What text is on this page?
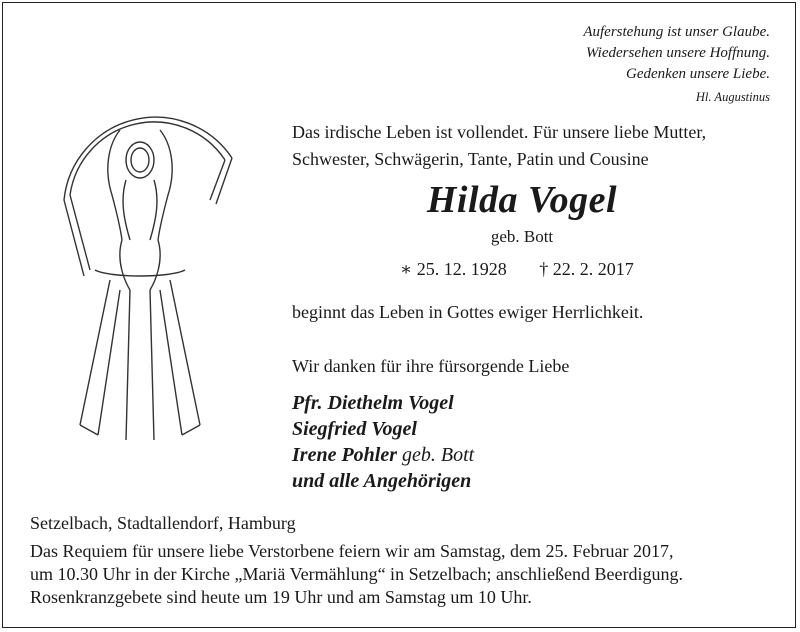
Auferstehung ist unser Glaube.
Wiedersehen unsere Hoffnung.
Gedenken unsere Liebe.
Hl. Augustinus
Das irdische Leben ist vollendet. Für unsere liebe Mutter,
Schwester, Schwägerin, Tante, Patin und Cousine
Hilda Vogel
geb. Bott
∗ 25. 12. 1928 † 22. 2. 2017
beginnt das Leben in Gottes ewiger Herrlichkeit.
Wir danken für ihre fürsorgende Liebe
Pfr. Diethelm Vogel
Siegfried Vogel
Irene Pohler geb. Bott
und alle Angehörigen
Setzelbach, Stadtallendorf, Hamburg
Das Requiem für unsere liebe Verstorbene feiern wir am Samstag, dem 25. Februar 2017,
um 10.30 Uhr in der Kirche „Mariä Vermählung“ in Setzelbach; anschließend Beerdigung.
Rosenkranzgebete sind heute um 19 Uhr und am Samstag um 10 Uhr.
